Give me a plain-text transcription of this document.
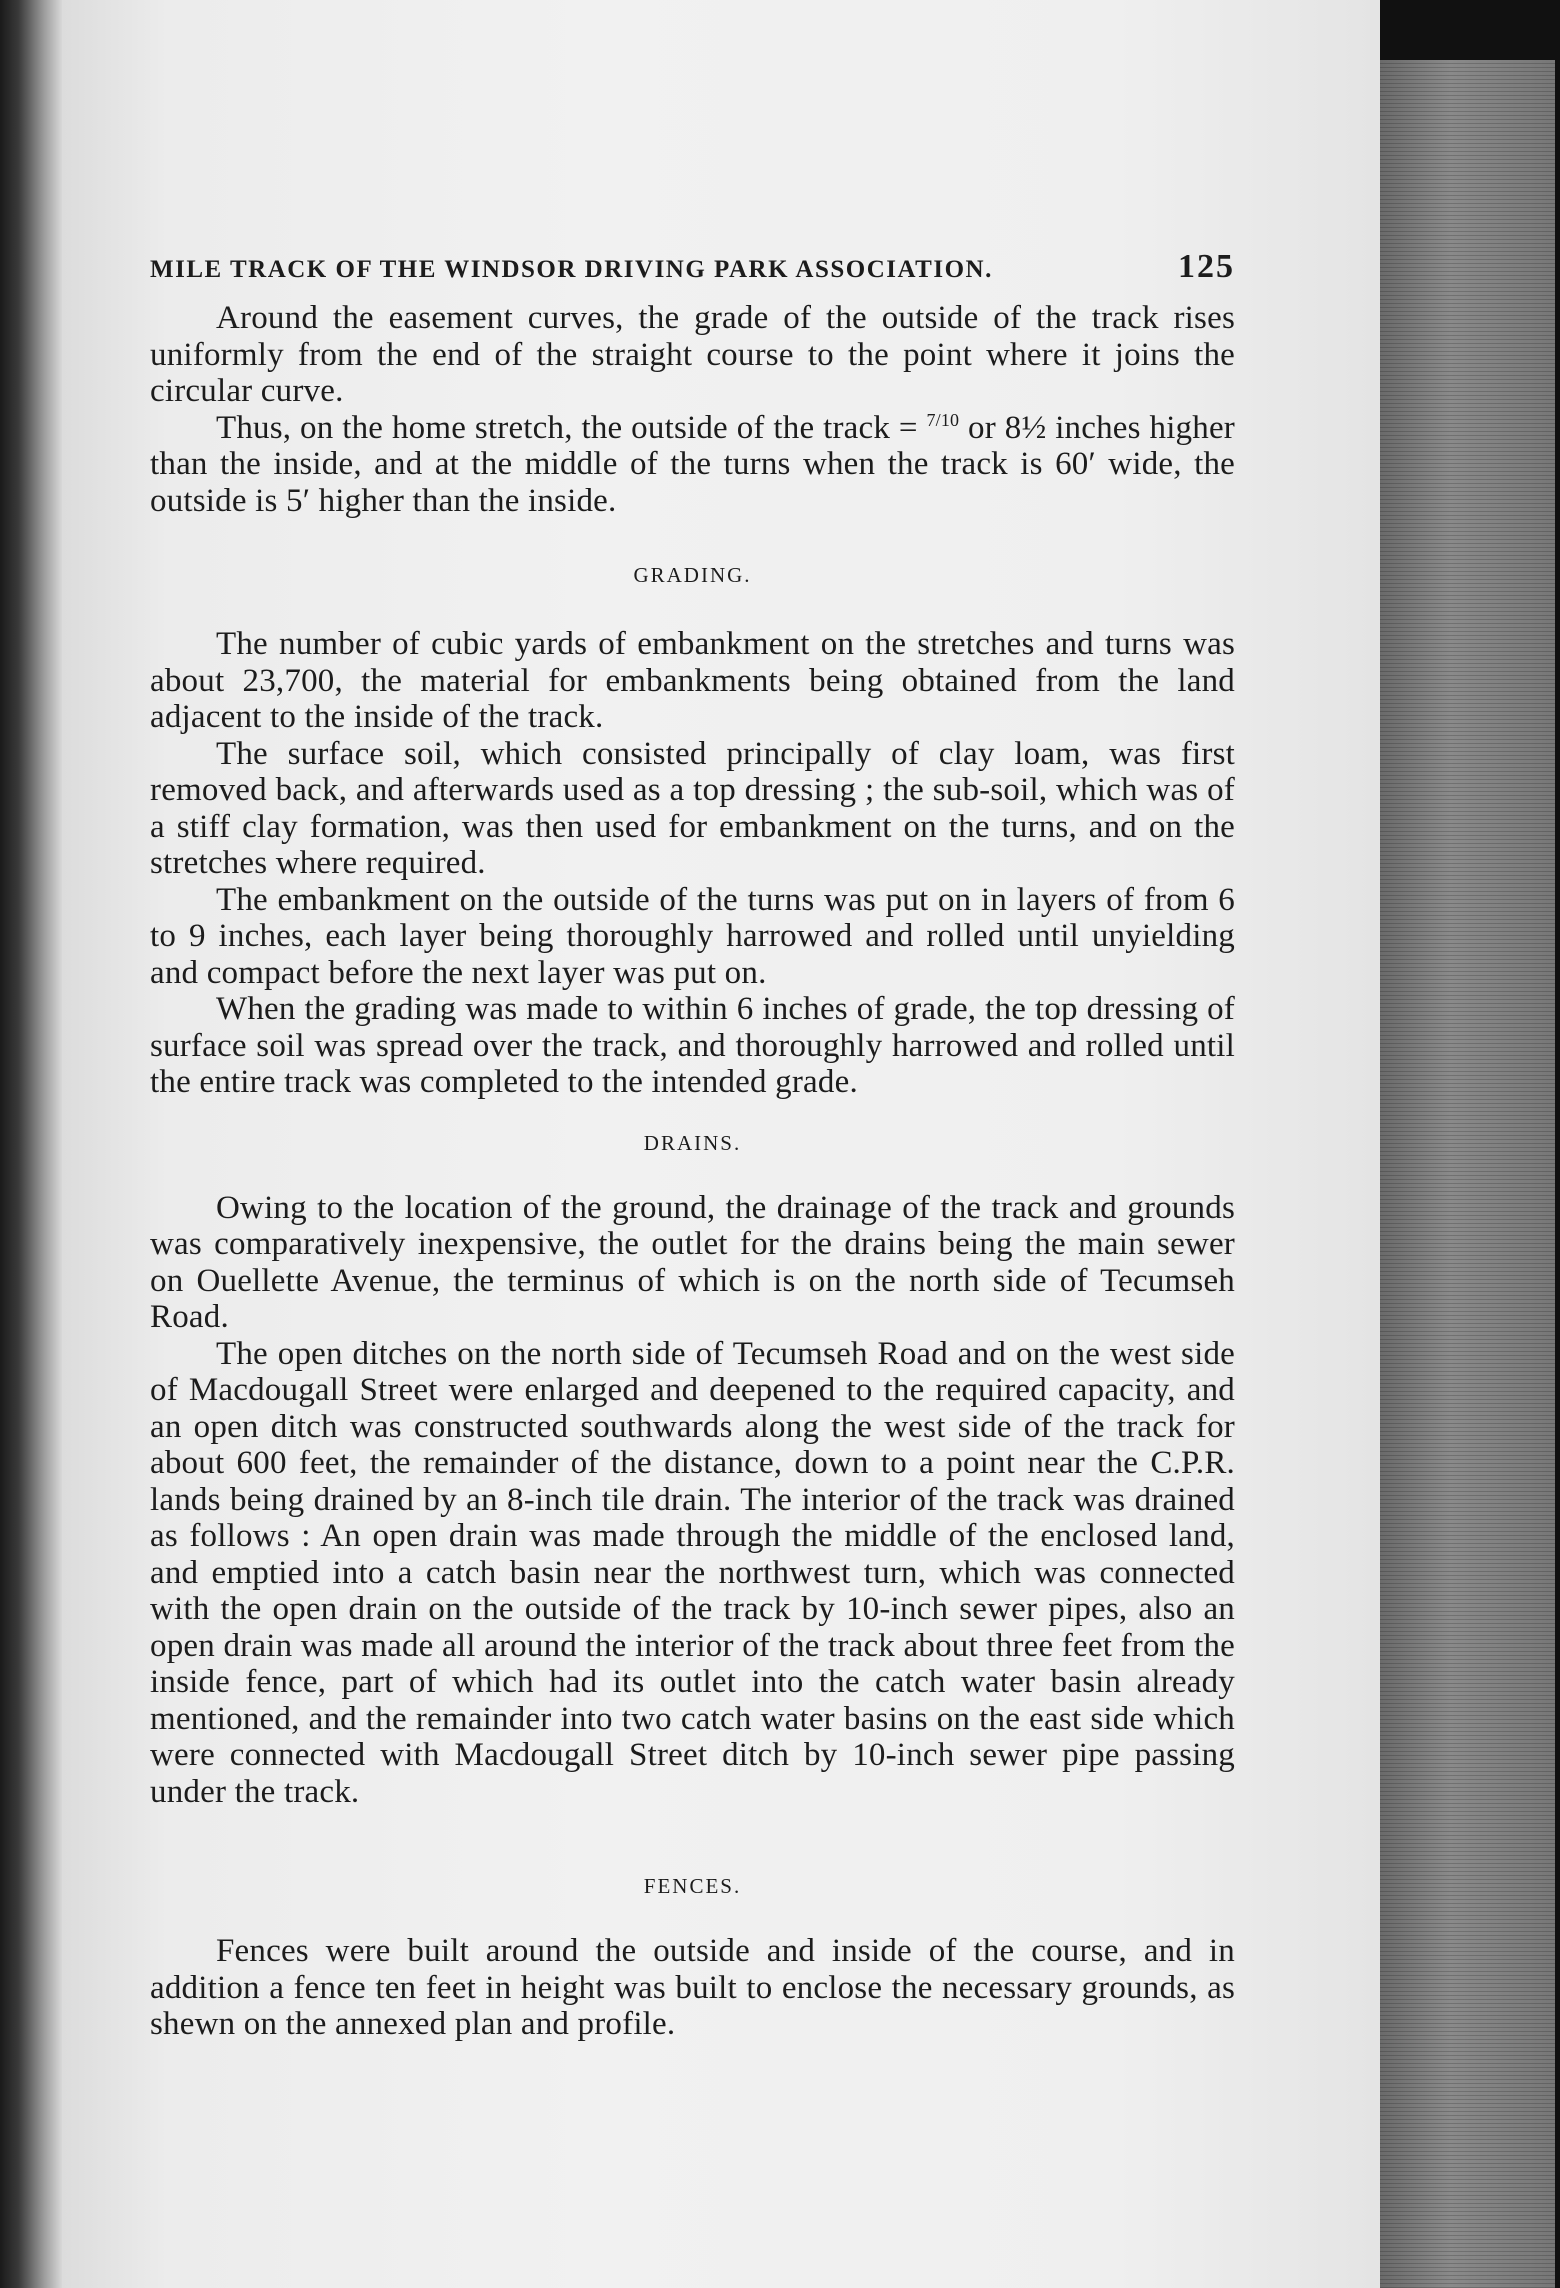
MILE TRACK OF THE WINDSOR DRIVING PARK ASSOCIATION.	125

Around the easement curves, the grade of the outside of the track rises uniformly from the end of the straight course to the point where it joins the circular curve.

Thus, on the home stretch, the outside of the track = $^{7/10}$ or 8½ inches higher than the inside, and at the middle of the turns when the track is 60′ wide, the outside is 5′ higher than the inside.

GRADING.

The number of cubic yards of embankment on the stretches and turns was about 23,700, the material for embankments being obtained from the land adjacent to the inside of the track.

The surface soil, which consisted principally of clay loam, was first removed back, and afterwards used as a top dressing ; the sub-soil, which was of a stiff clay formation, was then used for embankment on the turns, and on the stretches where required.

The embankment on the outside of the turns was put on in layers of from 6 to 9 inches, each layer being thoroughly harrowed and rolled until unyielding and compact before the next layer was put on.

When the grading was made to within 6 inches of grade, the top dressing of surface soil was spread over the track, and thoroughly harrowed and rolled until the entire track was completed to the intended grade.

DRAINS.

Owing to the location of the ground, the drainage of the track and grounds was comparatively inexpensive, the outlet for the drains being the main sewer on Ouellette Avenue, the terminus of which is on the north side of Tecumseh Road.

The open ditches on the north side of Tecumseh Road and on the west side of Macdougall Street were enlarged and deepened to the required capacity, and an open ditch was constructed southwards along the west side of the track for about 600 feet, the remainder of the distance, down to a point near the C.P.R. lands being drained by an 8-inch tile drain. The interior of the track was drained as follows : An open drain was made through the middle of the enclosed land, and emptied into a catch basin near the northwest turn, which was connected with the open drain on the outside of the track by 10-inch sewer pipes, also an open drain was made all around the interior of the track about three feet from the inside fence, part of which had its outlet into the catch water basin already mentioned, and the remainder into two catch water basins on the east side which were connected with Macdougall Street ditch by 10-inch sewer pipe passing under the track.

FENCES.

Fences were built around the outside and inside of the course, and in addition a fence ten feet in height was built to enclose the necessary grounds, as shewn on the annexed plan and profile.
